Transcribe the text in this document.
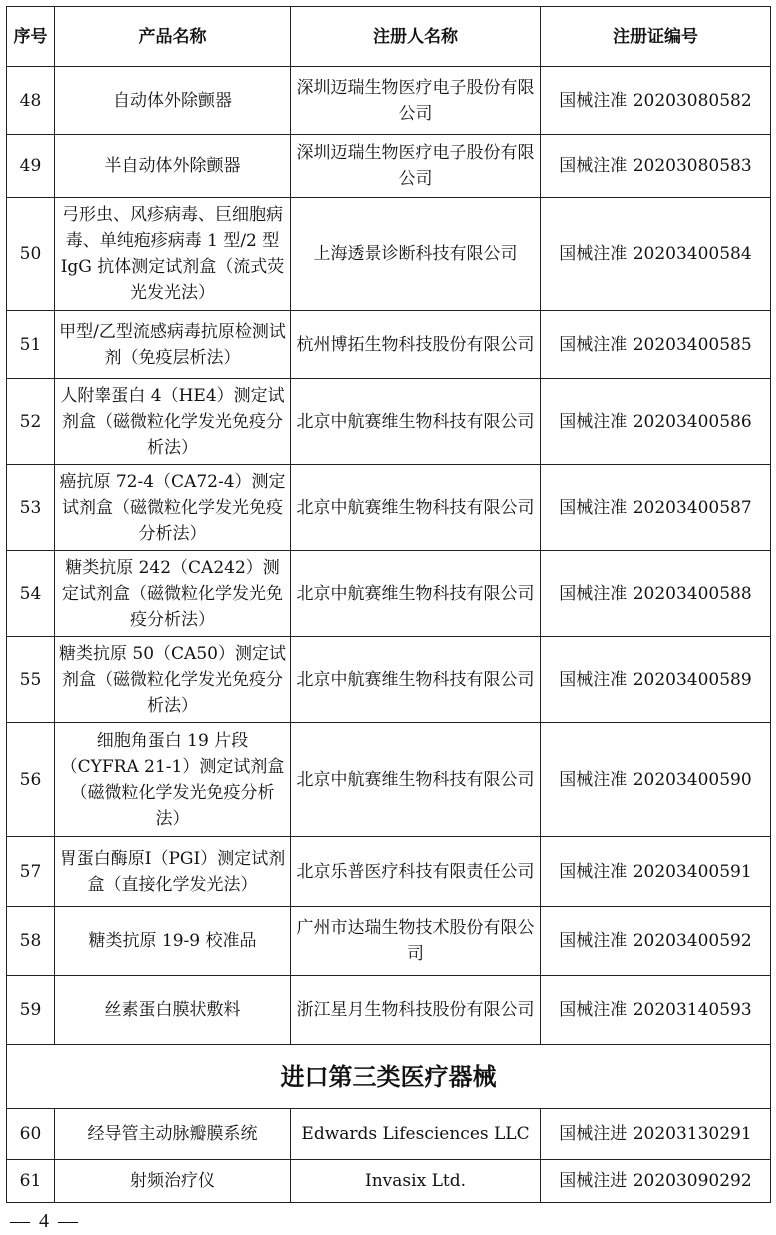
序号	产品名称	注册人名称	注册证编号
48	自动体外除颤器	深圳迈瑞生物医疗电子股份有限公司	国械注准 20203080582
49	半自动体外除颤器	深圳迈瑞生物医疗电子股份有限公司	国械注准 20203080583
50	弓形虫、风疹病毒、巨细胞病毒、单纯疱疹病毒 1 型/2 型 IgG 抗体测定试剂盒（流式荧光发光法）	上海透景诊断科技有限公司	国械注准 20203400584
51	甲型/乙型流感病毒抗原检测试剂（免疫层析法）	杭州博拓生物科技股份有限公司	国械注准 20203400585
52	人附睾蛋白 4（HE4）测定试剂盒（磁微粒化学发光免疫分析法）	北京中航赛维生物科技有限公司	国械注准 20203400586
53	癌抗原 72-4（CA72-4）测定试剂盒（磁微粒化学发光免疫分析法）	北京中航赛维生物科技有限公司	国械注准 20203400587
54	糖类抗原 242（CA242）测定试剂盒（磁微粒化学发光免疫分析法）	北京中航赛维生物科技有限公司	国械注准 20203400588
55	糖类抗原 50（CA50）测定试剂盒（磁微粒化学发光免疫分析法）	北京中航赛维生物科技有限公司	国械注准 20203400589
56	细胞角蛋白 19 片段（CYFRA 21-1）测定试剂盒（磁微粒化学发光免疫分析法）	北京中航赛维生物科技有限公司	国械注准 20203400590
57	胃蛋白酶原I（PGI）测定试剂盒（直接化学发光法）	北京乐普医疗科技有限责任公司	国械注准 20203400591
58	糖类抗原 19-9 校准品	广州市达瑞生物技术股份有限公司	国械注准 20203400592
59	丝素蛋白膜状敷料	浙江星月生物科技股份有限公司	国械注准 20203140593
进口第三类医疗器械			
60	经导管主动脉瓣膜系统	Edwards Lifesciences LLC	国械注进 20203130291
61	射频治疗仪	Invasix Ltd.	国械注进 20203090292
— 4 —
